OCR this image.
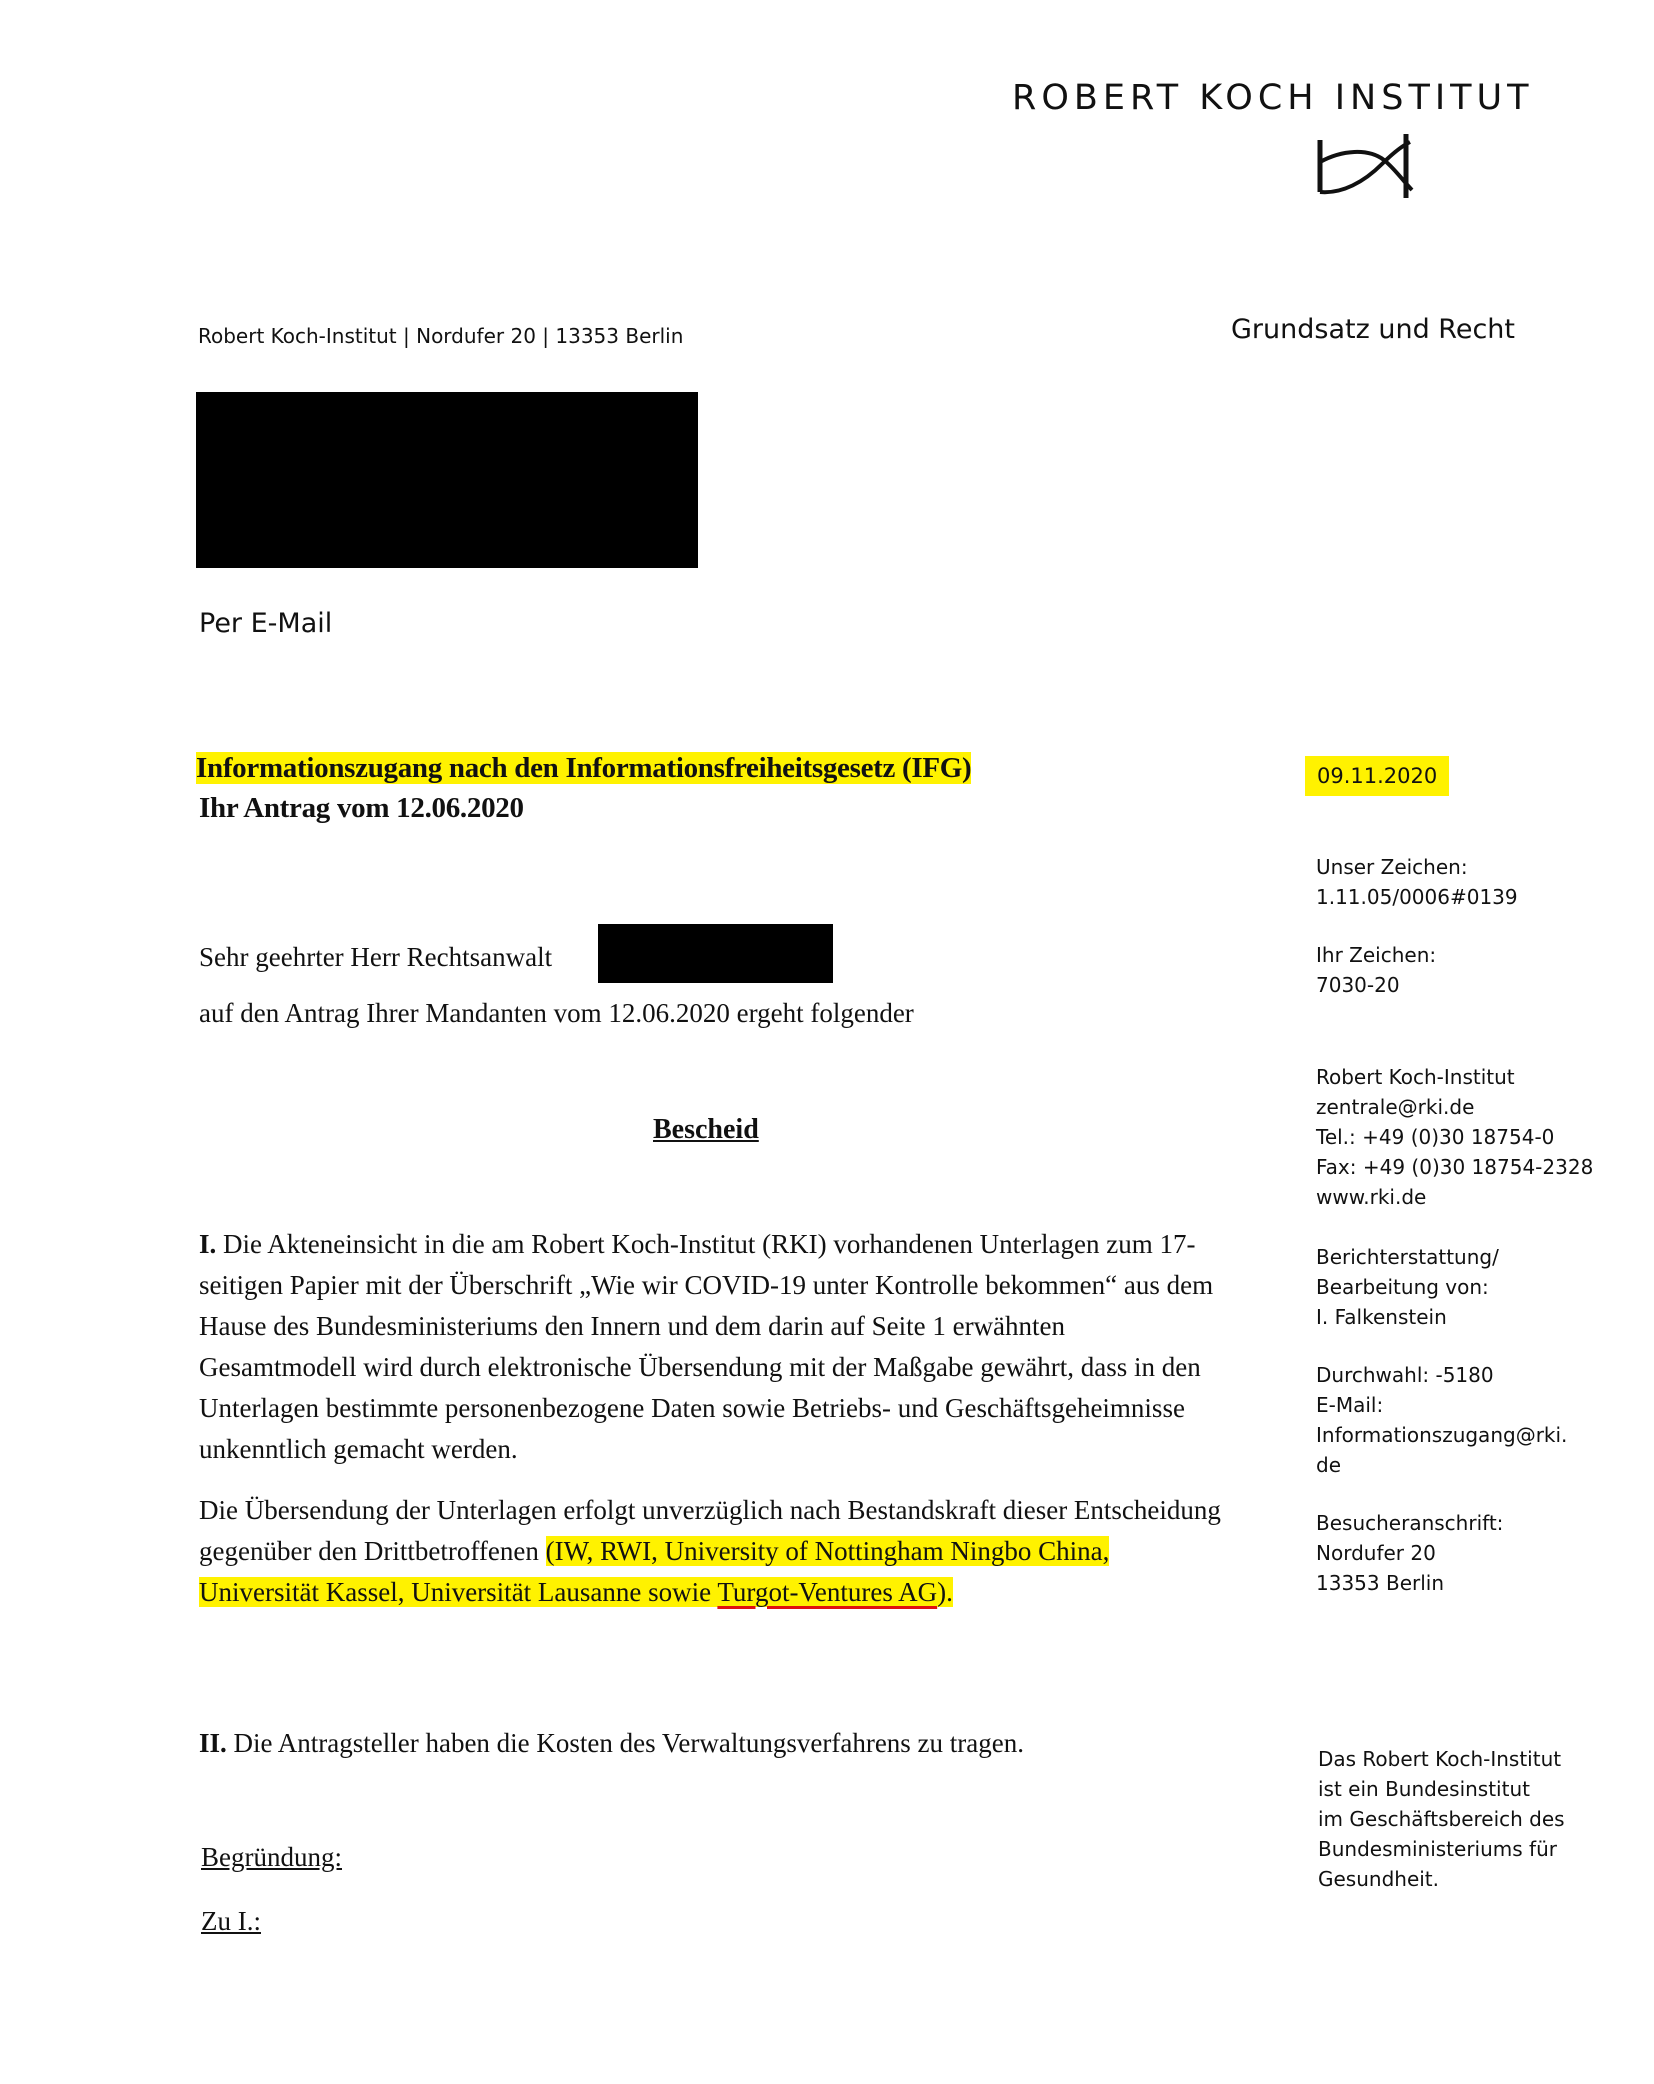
ROBERT KOCH INSTITUT
Robert Koch-Institut | Nordufer 20 | 13353 Berlin	Grundsatz und Recht
Per E-Mail
Informationszugang nach den Informationsfreiheitsgesetz (IFG)
Ihr Antrag vom 12.06.2020
09.11.2020
Unser Zeichen:
1.11.05/0006#0139
Ihr Zeichen:
7030-20
Robert Koch-Institut
zentrale@rki.de
Tel.: +49 (0)30 18754-0
Fax: +49 (0)30 18754-2328
www.rki.de
Berichterstattung/
Bearbeitung von:
I. Falkenstein
Durchwahl: -5180
E-Mail:
Informationszugang@rki.
de
Besucheranschrift:
Nordufer 20
13353 Berlin
Das Robert Koch-Institut
ist ein Bundesinstitut
im Geschäftsbereich des
Bundesministeriums für
Gesundheit.
Sehr geehrter Herr Rechtsanwalt
auf den Antrag Ihrer Mandanten vom 12.06.2020 ergeht folgender
Bescheid
I. Die Akteneinsicht in die am Robert Koch-Institut (RKI) vorhandenen Unterlagen zum 17-seitigen Papier mit der Überschrift „Wie wir COVID-19 unter Kontrolle bekommen“ aus dem Hause des Bundesministeriums den Innern und dem darin auf Seite 1 erwähnten Gesamtmodell wird durch elektronische Übersendung mit der Maßgabe gewährt, dass in den Unterlagen bestimmte personenbezogene Daten sowie Betriebs- und Geschäftsgeheimnisse unkenntlich gemacht werden.
Die Übersendung der Unterlagen erfolgt unverzüglich nach Bestandskraft dieser Entscheidung gegenüber den Drittbetroffenen (IW, RWI, University of Nottingham Ningbo China, Universität Kassel, Universität Lausanne sowie Turgot-Ventures AG).
II. Die Antragsteller haben die Kosten des Verwaltungsverfahrens zu tragen.
Begründung:
Zu I.:
